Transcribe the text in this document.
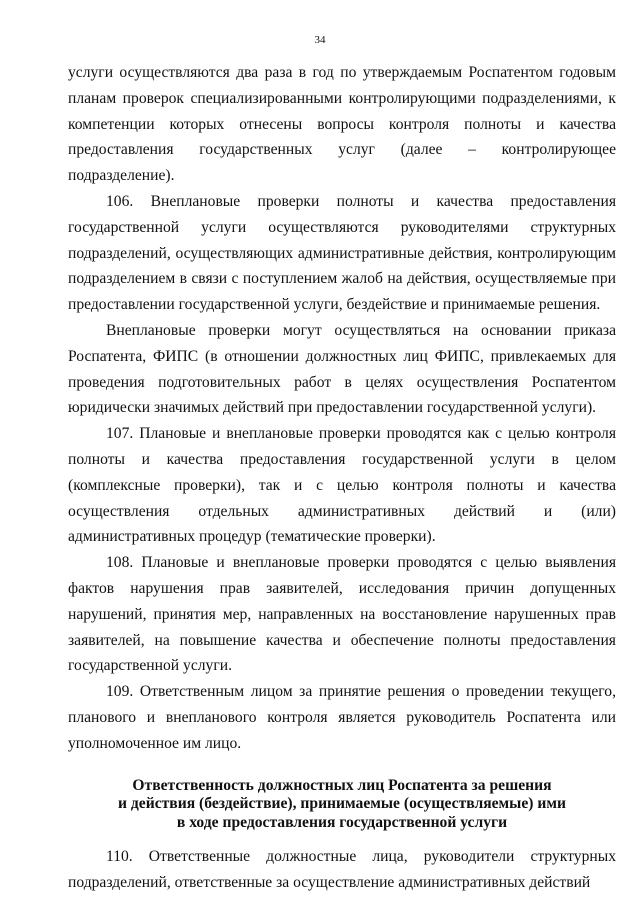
34

услуги осуществляются два раза в год по утверждаемым Роспатентом годовым планам проверок специализированными контролирующими подразделениями, к компетенции которых отнесены вопросы контроля полноты и качества предоставления государственных услуг (далее – контролирующее подразделение).

106. Внеплановые проверки полноты и качества предоставления государственной услуги осуществляются руководителями структурных подразделений, осуществляющих административные действия, контролирующим подразделением в связи с поступлением жалоб на действия, осуществляемые при предоставлении государственной услуги, бездействие и принимаемые решения.

Внеплановые проверки могут осуществляться на основании приказа Роспатента, ФИПС (в отношении должностных лиц ФИПС, привлекаемых для проведения подготовительных работ в целях осуществления Роспатентом юридически значимых действий при предоставлении государственной услуги).

107. Плановые и внеплановые проверки проводятся как с целью контроля полноты и качества предоставления государственной услуги в целом (комплексные проверки), так и с целью контроля полноты и качества осуществления отдельных административных действий и (или) административных процедур (тематические проверки).

108. Плановые и внеплановые проверки проводятся с целью выявления фактов нарушения прав заявителей, исследования причин допущенных нарушений, принятия мер, направленных на восстановление нарушенных прав заявителей, на повышение качества и обеспечение полноты предоставления государственной услуги.

109. Ответственным лицом за принятие решения о проведении текущего, планового и внепланового контроля является руководитель Роспатента или уполномоченное им лицо.

Ответственность должностных лиц Роспатента за решения
и действия (бездействие), принимаемые (осуществляемые) ими
в ходе предоставления государственной услуги

110. Ответственные должностные лица, руководители структурных подразделений, ответственные за осуществление административных действий
